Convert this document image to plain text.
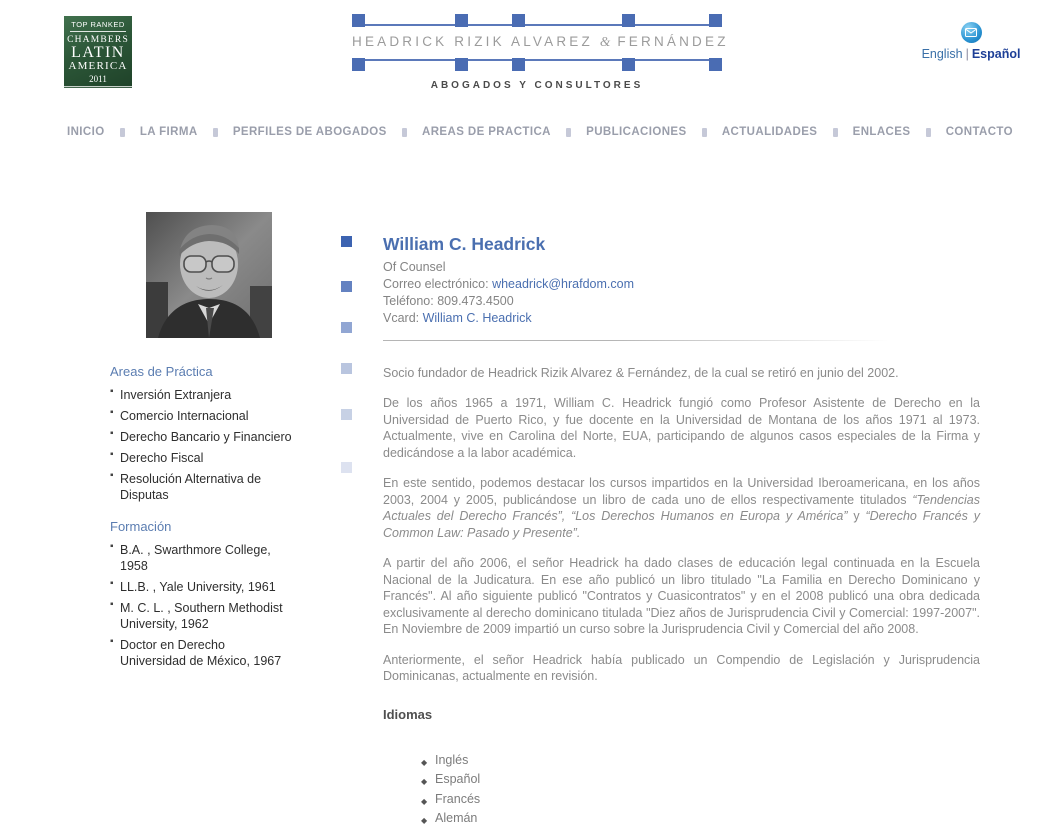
TOP RANKED
CHAMBERS
LATIN
AMERICA
2011
LEADING FIRM
HEADRICK RIZIK ALVAREZ & FERNÁNDEZ
ABOGADOS Y CONSULTORES
English | Español
INICIO	LA FIRMA	PERFILES DE ABOGADOS	AREAS DE PRACTICA	PUBLICACIONES	ACTUALIDADES	ENLACES	CONTACTO
Areas de Práctica
▪ Inversión Extranjera
▪ Comercio Internacional
▪ Derecho Bancario y Financiero
▪ Derecho Fiscal
▪ Resolución Alternativa de Disputas
Formación
▪ B.A. , Swarthmore College, 1958
▪ LL.B. , Yale University, 1961
▪ M. C. L. , Southern Methodist University, 1962
▪ Doctor en Derecho Universidad de México, 1967
William C. Headrick
Of Counsel
Correo electrónico: wheadrick@hrafdom.com
Teléfono: 809.473.4500
Vcard: William C. Headrick

Socio fundador de Headrick Rizik Alvarez & Fernández, de la cual se retiró en junio del 2002.

De los años 1965 a 1971, William C. Headrick fungió como Profesor Asistente de Derecho en la Universidad de Puerto Rico, y fue docente en la Universidad de Montana de los años 1971 al 1973. Actualmente, vive en Carolina del Norte, EUA, participando de algunos casos especiales de la Firma y dedicándose a la labor académica.

En este sentido, podemos destacar los cursos impartidos en la Universidad Iberoamericana, en los años 2003, 2004 y 2005, publicándose un libro de cada uno de ellos respectivamente titulados “Tendencias Actuales del Derecho Francés”, “Los Derechos Humanos en Europa y América” y “Derecho Francés y Common Law: Pasado y Presente”.

A partir del año 2006, el señor Headrick ha dado clases de educación legal continuada en la Escuela Nacional de la Judicatura. En ese año publicó un libro titulado "La Familia en Derecho Dominicano y Francés". Al año siguiente publicó "Contratos y Cuasicontratos" y en el 2008 publicó una obra dedicada exclusivamente al derecho dominicano titulada "Diez años de Jurisprudencia Civil y Comercial: 1997-2007". En Noviembre de 2009 impartió un curso sobre la Jurisprudencia Civil y Comercial del año 2008.

Anteriormente, el señor Headrick había publicado un Compendio de Legislación y Jurisprudencia Dominicanas, actualmente en revisión.

Idiomas
◆ Inglés
◆ Español
◆ Francés
◆ Alemán
